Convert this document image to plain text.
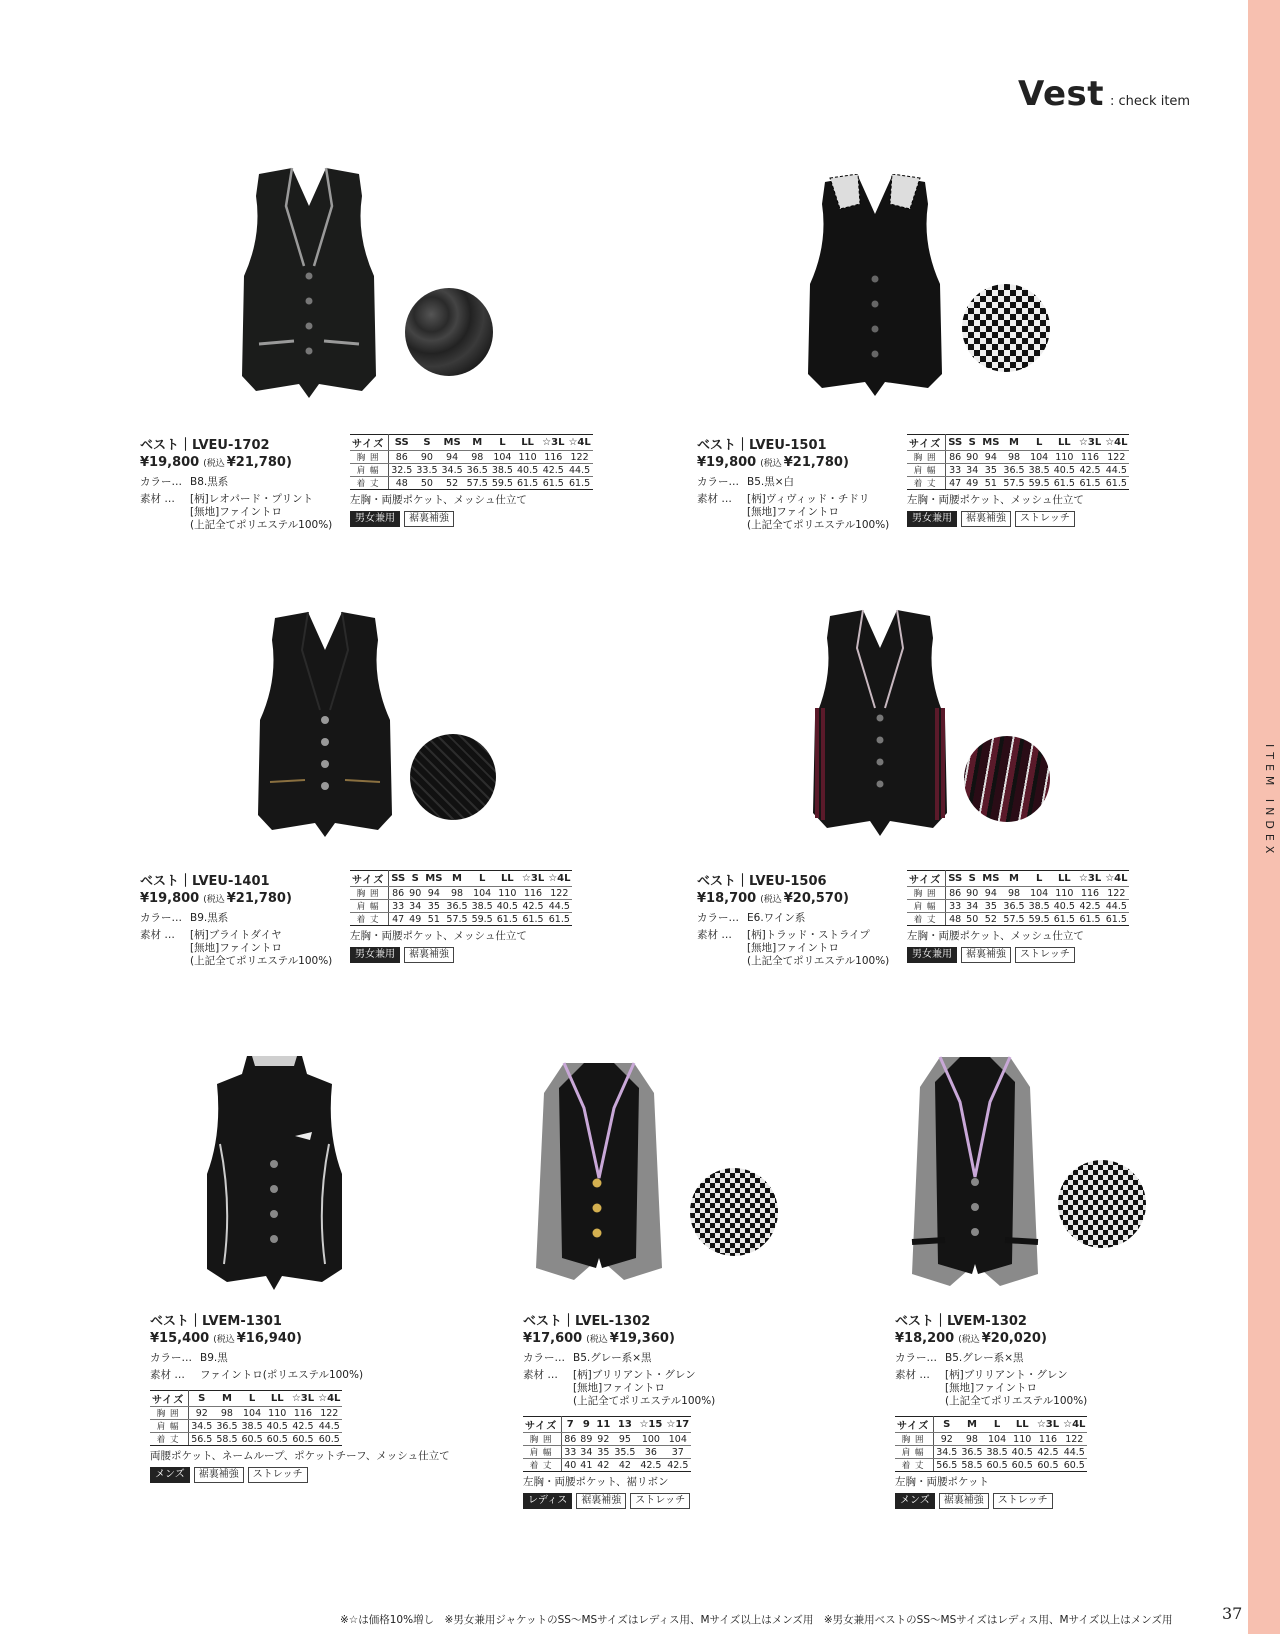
ITEM INDEX
Vest : check item
ベスト｜LVEU-1702
¥19,800 (税込 ¥21,780)
カラー… B8.黒系
素材 …	[柄]レオパード・プリント
[無地]ファイントロ
(上記全てポリエステル100%)
サイズ	SS	S	MS	M	L	LL	☆3L	☆4L
胸 囲	86	90	94	98	104	110	116	122
肩 幅	32.5	33.5	34.5	36.5	38.5	40.5	42.5	44.5
着 丈	48	50	52	57.5	59.5	61.5	61.5	61.5
左胸・両腰ポケット、メッシュ仕立て
男女兼用	裾裏補強
ベスト｜LVEU-1501
¥19,800 (税込 ¥21,780)
カラー… B5.黒×白
素材 …	[柄]ヴィヴィッド・チドリ
[無地]ファイントロ
(上記全てポリエステル100%)
サイズ	SS	S	MS	M	L	LL	☆3L	☆4L
胸 囲	86	90	94	98	104	110	116	122
肩 幅	33	34	35	36.5	38.5	40.5	42.5	44.5
着 丈	47	49	51	57.5	59.5	61.5	61.5	61.5
左胸・両腰ポケット、メッシュ仕立て
男女兼用	裾裏補強	ストレッチ
ベスト｜LVEU-1401
¥19,800 (税込 ¥21,780)
カラー… B9.黒系
素材 …	[柄]ブライトダイヤ
[無地]ファイントロ
(上記全てポリエステル100%)
サイズ	SS	S	MS	M	L	LL	☆3L	☆4L
胸 囲	86	90	94	98	104	110	116	122
肩 幅	33	34	35	36.5	38.5	40.5	42.5	44.5
着 丈	47	49	51	57.5	59.5	61.5	61.5	61.5
左胸・両腰ポケット、メッシュ仕立て
男女兼用	裾裏補強
ベスト｜LVEU-1506
¥18,700 (税込 ¥20,570)
カラー… E6.ワイン系
素材 …	[柄]トラッド・ストライプ
[無地]ファイントロ
(上記全てポリエステル100%)
サイズ	SS	S	MS	M	L	LL	☆3L	☆4L
胸 囲	86	90	94	98	104	110	116	122
肩 幅	33	34	35	36.5	38.5	40.5	42.5	44.5
着 丈	48	50	52	57.5	59.5	61.5	61.5	61.5
左胸・両腰ポケット、メッシュ仕立て
男女兼用	裾裏補強	ストレッチ
ベスト｜LVEM-1301
¥15,400 (税込 ¥16,940)
カラー… B9.黒
素材 …	ファイントロ(ポリエステル100%)
サイズ	S	M	L	LL	☆3L	☆4L
胸 囲	92	98	104	110	116	122
肩 幅	34.5	36.5	38.5	40.5	42.5	44.5
着 丈	56.5	58.5	60.5	60.5	60.5	60.5
両腰ポケット、ネームループ、ポケットチーフ、メッシュ仕立て
メンズ	裾裏補強	ストレッチ
ベスト｜LVEL-1302
¥17,600 (税込 ¥19,360)
カラー… B5.グレー系×黒
素材 …	[柄]ブリリアント・グレン
[無地]ファイントロ
(上記全てポリエステル100%)
サイズ	7	9	11	13	☆15	☆17
胸 囲	86	89	92	95	100	104
肩 幅	33	34	35	35.5	36	37
着 丈	40	41	42	42	42.5	42.5
左胸・両腰ポケット、裾リボン
レディス	裾裏補強	ストレッチ
ベスト｜LVEM-1302
¥18,200 (税込 ¥20,020)
カラー… B5.グレー系×黒
素材 …	[柄]ブリリアント・グレン
[無地]ファイントロ
(上記全てポリエステル100%)
サイズ	S	M	L	LL	☆3L	☆4L
胸 囲	92	98	104	110	116	122
肩 幅	34.5	36.5	38.5	40.5	42.5	44.5
着 丈	56.5	58.5	60.5	60.5	60.5	60.5
左胸・両腰ポケット
メンズ	裾裏補強	ストレッチ
※☆は価格10%増し　※男女兼用ジャケットのSS～MSサイズはレディス用、Mサイズ以上はメンズ用　※男女兼用ベストのSS～MSサイズはレディス用、Mサイズ以上はメンズ用	37
